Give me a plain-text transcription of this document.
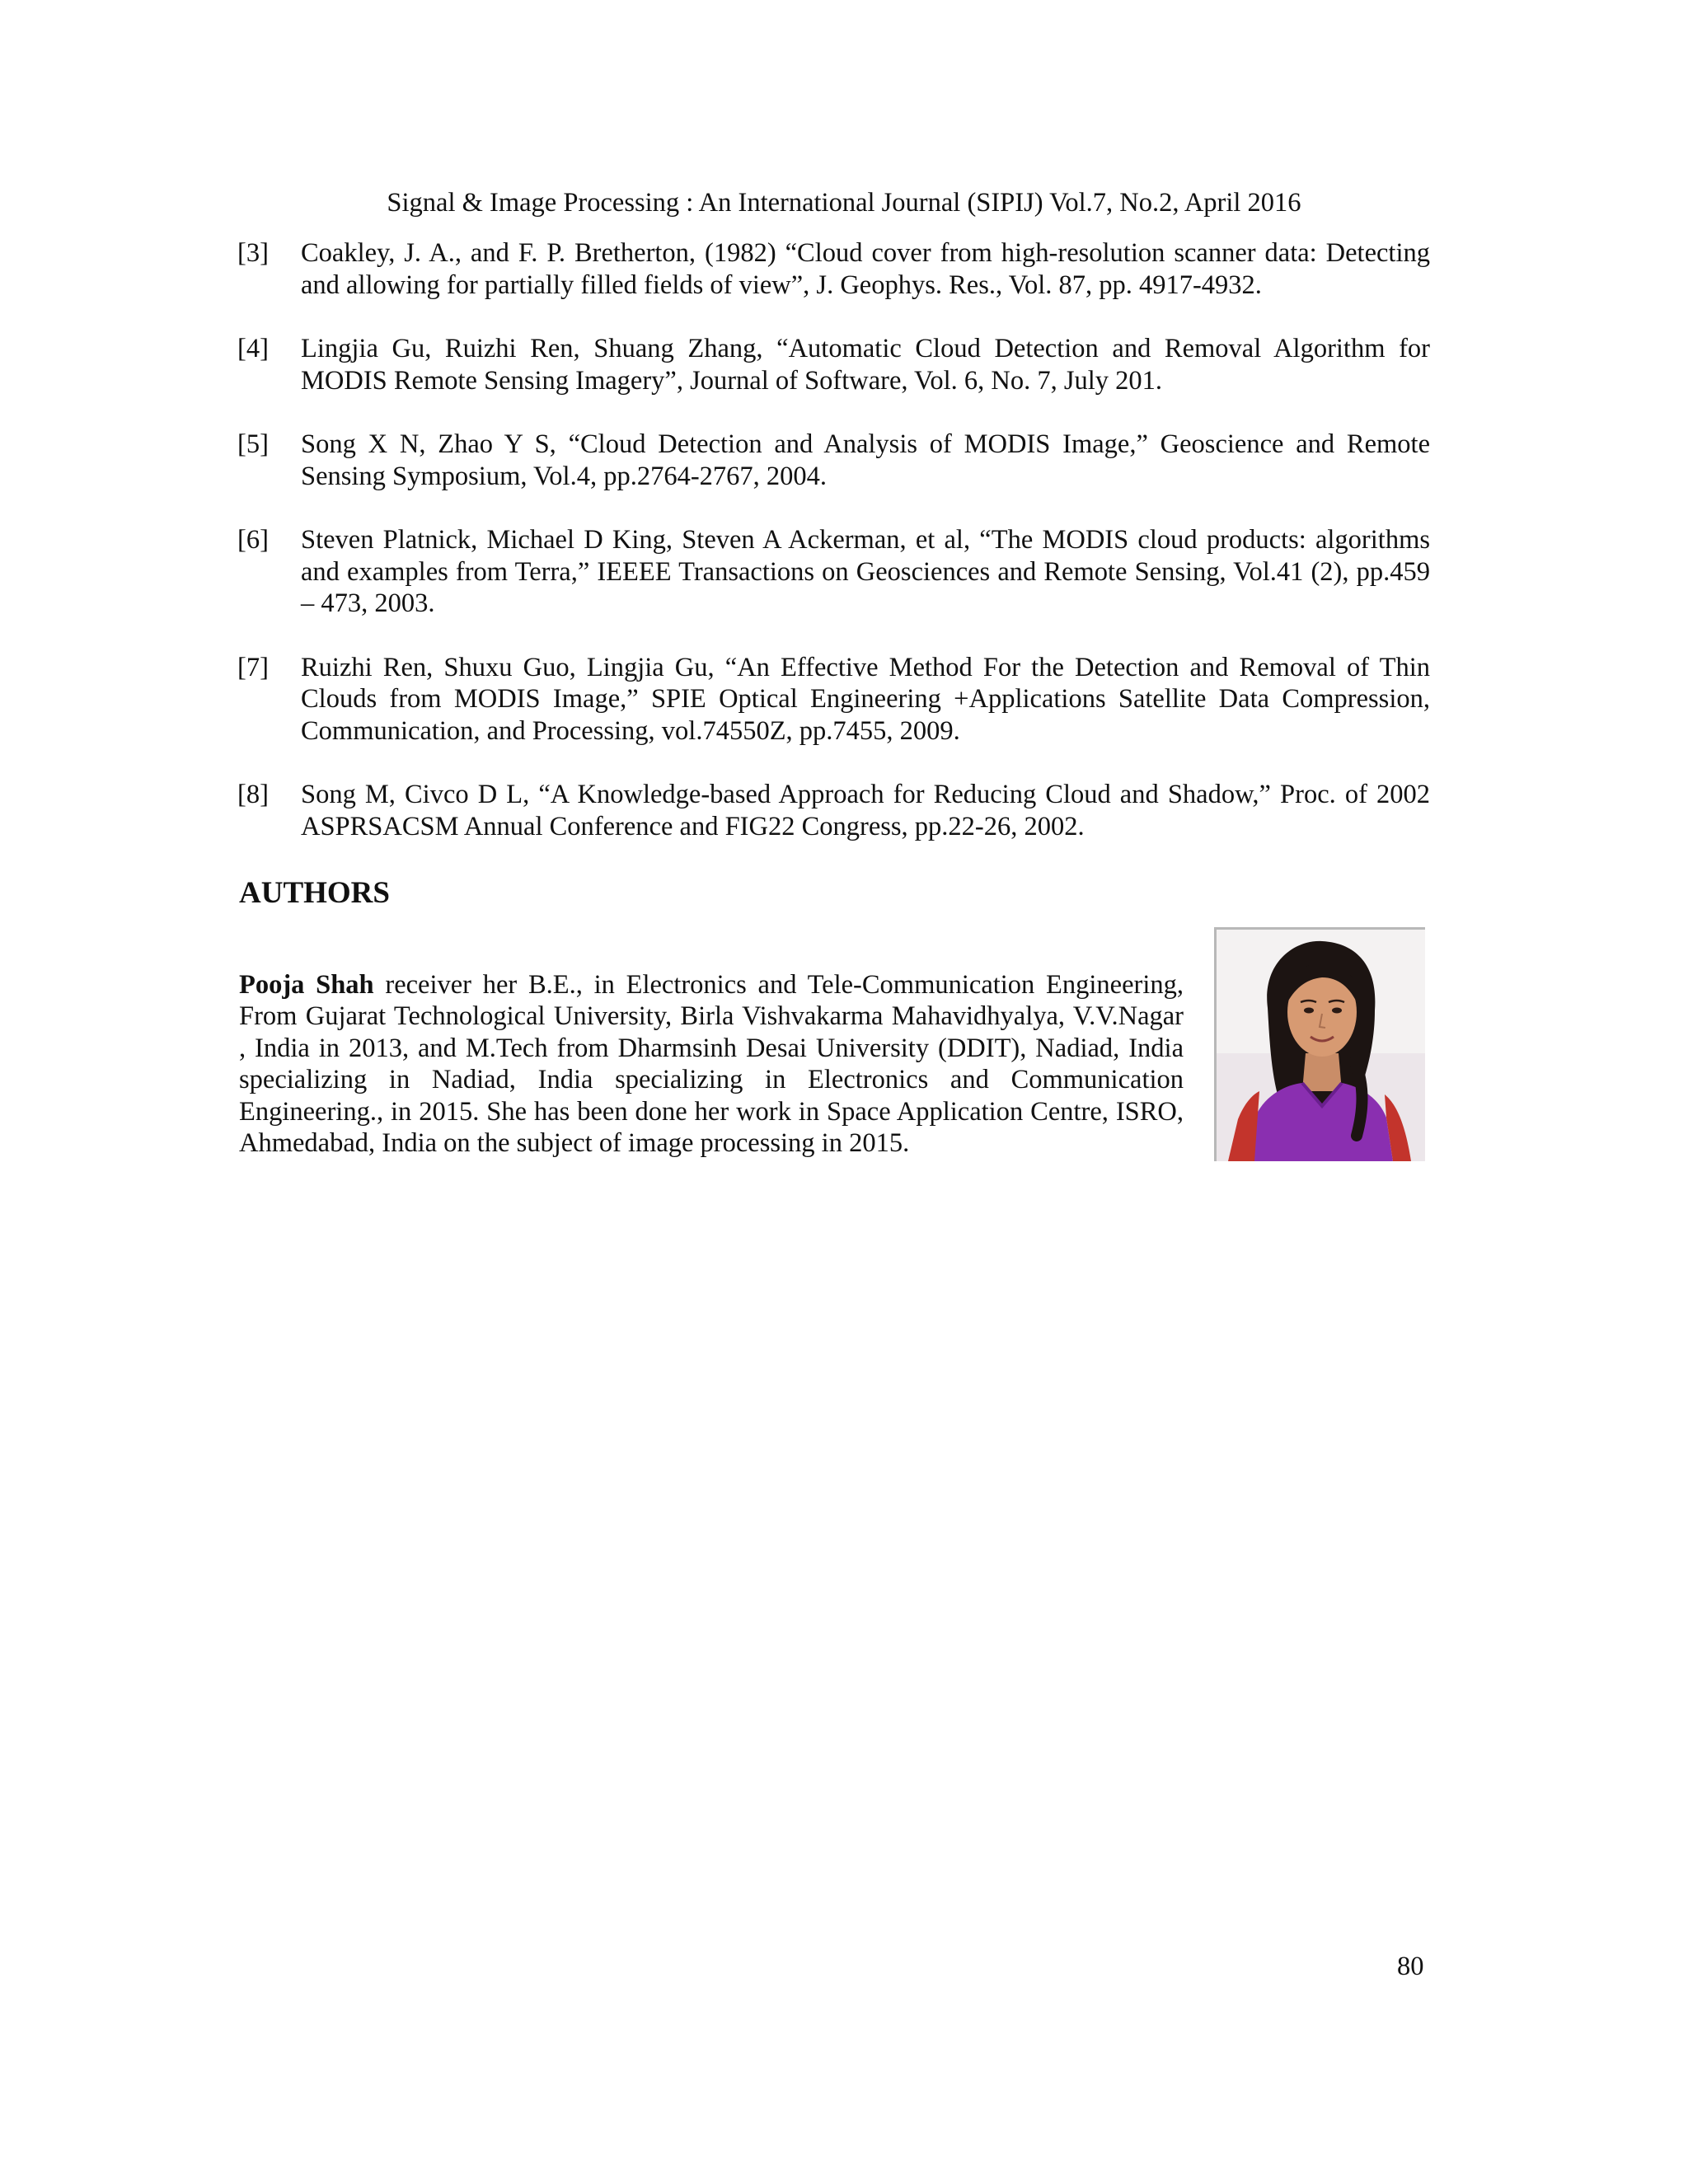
Signal & Image Processing : An International Journal (SIPIJ) Vol.7, No.2, April 2016
[3]	Coakley, J. A., and F. P. Bretherton, (1982) “Cloud cover from high-resolution scanner data: Detecting and allowing for partially filled fields of view”, J. Geophys. Res., Vol. 87, pp. 4917-4932.
[4]	Lingjia Gu, Ruizhi Ren, Shuang Zhang, “Automatic Cloud Detection and Removal Algorithm for MODIS Remote Sensing Imagery”, Journal of Software, Vol. 6, No. 7, July 201.
[5]	Song X N, Zhao Y S, “Cloud Detection and Analysis of MODIS Image,” Geoscience and Remote Sensing Symposium, Vol.4, pp.2764-2767, 2004.
[6]	Steven Platnick, Michael D King, Steven A Ackerman, et al, “The MODIS cloud products: algorithms and examples from Terra,” IEEEE Transactions on Geosciences and Remote Sensing, Vol.41 (2), pp.459 – 473, 2003.
[7]	Ruizhi Ren, Shuxu Guo, Lingjia Gu, “An Effective Method For the Detection and Removal of Thin Clouds from MODIS Image,” SPIE Optical Engineering +Applications Satellite Data Compression, Communication, and Processing, vol.74550Z, pp.7455, 2009.
[8]	Song M, Civco D L, “A Knowledge-based Approach for Reducing Cloud and Shadow,” Proc. of 2002 ASPRSACSM Annual Conference and FIG22 Congress, pp.22-26, 2002.
AUTHORS

Pooja Shah receiver her B.E., in Electronics and Tele-Communication Engineering, From Gujarat Technological University, Birla Vishvakarma Mahavidhyalya, V.V.Nagar , India in 2013, and M.Tech from Dharmsinh Desai University (DDIT), Nadiad, India specializing in Nadiad, India specializing in Electronics and Communication Engineering., in 2015. She has been done her work in Space Application Centre, ISRO, Ahmedabad, India on the subject of image processing in 2015.

80
